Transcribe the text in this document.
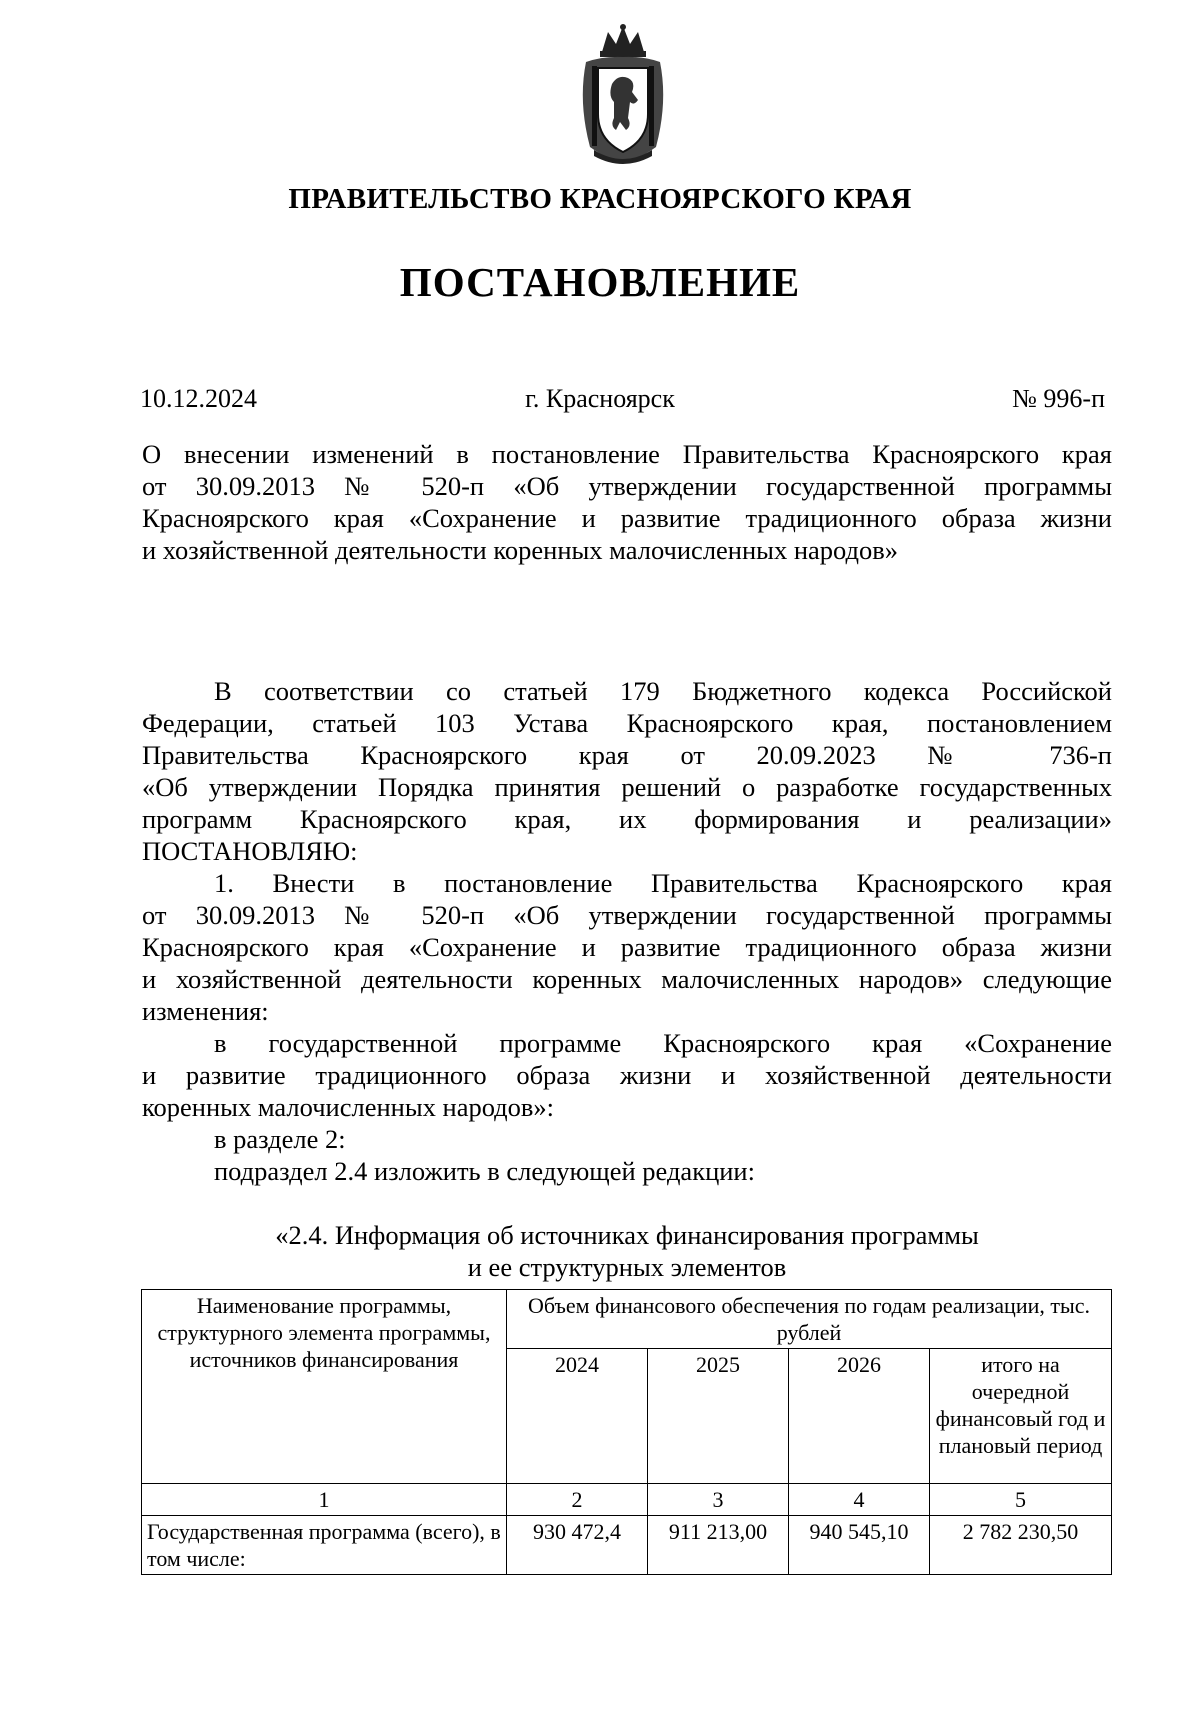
ПРАВИТЕЛЬСТВО КРАСНОЯРСКОГО КРАЯ
ПОСТАНОВЛЕНИЕ
10.12.2024	г. Красноярск	№ 996-п
О внесении изменений в постановление Правительства Красноярского края
от 30.09.2013 № 520-п «Об утверждении государственной программы
Красноярского края «Сохранение и развитие традиционного образа жизни
и хозяйственной деятельности коренных малочисленных народов»
В соответствии со статьей 179 Бюджетного кодекса Российской
Федерации, статьей 103 Устава Красноярского края, постановлением
Правительства Красноярского края от 20.09.2023 № 736-п
«Об утверждении Порядка принятия решений о разработке государственных
программ Красноярского края, их формирования и реализации»
ПОСТАНОВЛЯЮ:
1. Внести в постановление Правительства Красноярского края
от 30.09.2013 № 520-п «Об утверждении государственной программы
Красноярского края «Сохранение и развитие традиционного образа жизни
и хозяйственной деятельности коренных малочисленных народов» следующие
изменения:
в государственной программе Красноярского края «Сохранение
и развитие традиционного образа жизни и хозяйственной деятельности
коренных малочисленных народов»:
в разделе 2:
подраздел 2.4 изложить в следующей редакции:
«2.4. Информация об источниках финансирования программы
и ее структурных элементов
Наименование программы, структурного элемента программы, источников финансирования	Объем финансового обеспечения по годам реализации, тыс. рублей			
	2024	2025	2026	итого на очередной финансовый год и плановый период
1	2	3	4	5
Государственная программа (всего), в том числе:	930 472,4	911 213,00	940 545,10	2 782 230,50
